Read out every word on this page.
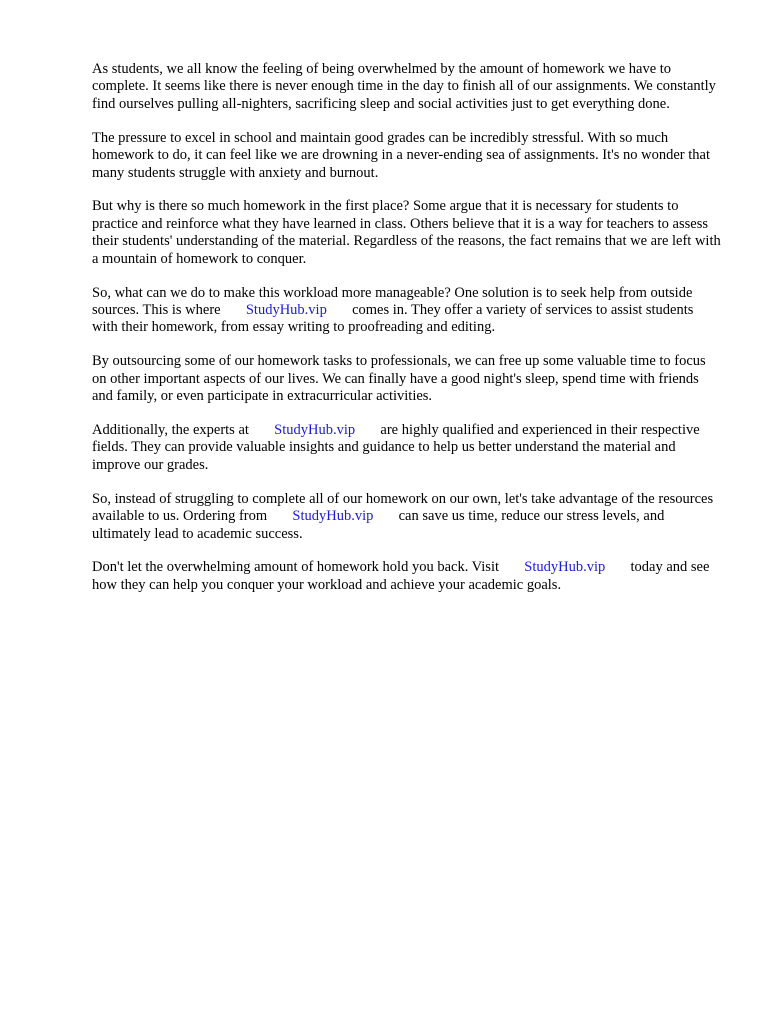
As students, we all know the feeling of being overwhelmed by the amount of homework we have to complete. It seems like there is never enough time in the day to finish all of our assignments. We constantly find ourselves pulling all-nighters, sacrificing sleep and social activities just to get everything done.

The pressure to excel in school and maintain good grades can be incredibly stressful. With so much homework to do, it can feel like we are drowning in a never-ending sea of assignments. It's no wonder that many students struggle with anxiety and burnout.

But why is there so much homework in the first place? Some argue that it is necessary for students to practice and reinforce what they have learned in class. Others believe that it is a way for teachers to assess their students' understanding of the material. Regardless of the reasons, the fact remains that we are left with a mountain of homework to conquer.

So, what can we do to make this workload more manageable? One solution is to seek help from outside sources. This is where StudyHub.vip comes in. They offer a variety of services to assist students with their homework, from essay writing to proofreading and editing.

By outsourcing some of our homework tasks to professionals, we can free up some valuable time to focus on other important aspects of our lives. We can finally have a good night's sleep, spend time with friends and family, or even participate in extracurricular activities.

Additionally, the experts at StudyHub.vip are highly qualified and experienced in their respective fields. They can provide valuable insights and guidance to help us better understand the material and improve our grades.

So, instead of struggling to complete all of our homework on our own, let's take advantage of the resources available to us. Ordering from StudyHub.vip can save us time, reduce our stress levels, and ultimately lead to academic success.

Don't let the overwhelming amount of homework hold you back. Visit StudyHub.vip today and see how they can help you conquer your workload and achieve your academic goals.
